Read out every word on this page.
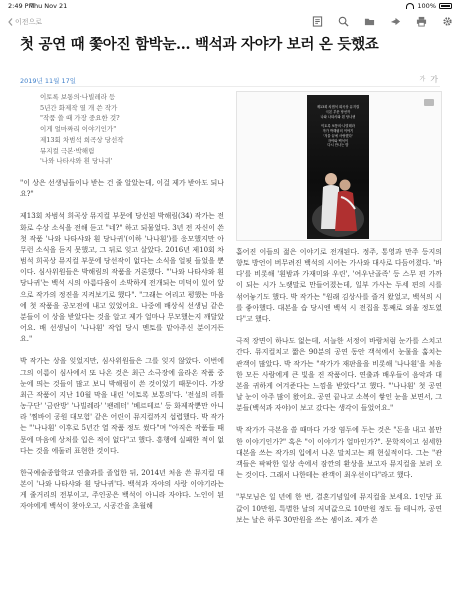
2:49 PM
Thu Nov 21	100%
이전으로
첫 공연 때 쫓아진 함박눈… 백석과 자야가 보러 온 듯했죠
2019년 11월 17일	가 가
이토록 보통의·나빌레라 등
5년간 화제작 열 개 쓴 작가
"작품 쓸 때 가장 중요한 것?
이게 얼마짜리 이야기인가"
제13회 차범석 희곡상 당선작
뮤지컬 극본·박해림
'나와 나타샤와 흰 당나귀'
제13회 차범석 희곡상 뮤지컬
극본 부문 당선작
나와 나타샤와 흰 당나귀

이토록 보통의·나빌레라
작가 박해림의 이야기
'겨울 끝에 사랑했다'
자야와 백석이
다시 만나는 밤

"이 상은 선생님들이나 받는 건 줄 알았는데, 이걸 제가 받아도 되나요?"

제13회 차범석 희곡상 뮤지컬 부문에 당선된 박해림(34) 작가는 전화로 수상 소식을 전해 듣고 "네?" 하고 되물었다. 3년 전 자신이 쓴 첫 작품 '나와 나타샤와 흰 당나귀'(이하 '나나흰')를 응모했지만 아무런 소식을 듣지 못했고, 그 뒤로 잊고 살았다. 2016년 제10회 차범석 희곡상 뮤지컬 부문에 당선작이 없다는 소식을 얼핏 들었을 뿐이다. 심사위원들은 박해림의 작품을 거론했다. "'나와 나타샤와 흰 당나귀'는 백석 시의 아름다움이 소박하게 전개되는 미덕이 있어 앞으로 작가의 정진을 지켜보기로 했다". "그래는 여리고 평했는 마음에 첫 작품을 공모전에 내고 있었어요. 나중에 배상식 선생님 같은 분들이 이 상을 받았다는 것을 알고 제가 얼마나 무모했는지 깨달았어요. 배 선생님이 '나나흰' 작업 당시 멘토를 맡아주신 분이거든요."

박 작가는 상을 잊었지만, 심사위원들은 그를 잊지 않았다. 이번에 그의 이름이 심사에서 또 나온 것은 최근 소극장에 올라온 작품 중 눈에 띄는 것들이 많고 보니 박해림이 쓴 것이었기 때문이다. 가장 최근 작품이 지난 10월 막을 내린 '이토록 보통의'다. '전설의 리틀 농구단' '금란방' '나빌레라' '팬레터' '베르테르' 등 화제작뿐만 아니라 '찜바이 공원 대모험' 같은 어린이 뮤지컬까지 섭렵했다. 박 작가는 "'나나흰' 이후로 5년간 열 작품 정도 썼다"며 "아직은 작품들 때문에 마음에 상처를 입은 적이 없다"고 했다. 흥행에 실패한 적이 없다는 것을 에둘러 표현한 것이다.

한국예술종합학교 연출과를 졸업한 뒤, 2014년 처음 쓴 뮤지컬 대본이 '나와 나타샤와 흰 당나귀'다. 백석과 자야의 사랑 이야기라는 게 줄거리의 전부이고, 주인공은 백석이 아니라 자야다. 노인이 된 자야에게 백석이 찾아오고, 시공간을 초월해

흩어진 이들의 젊은 이야기로 전개된다. 정주, 통영과 만주 등지의 향토 방언이 버무려진 백석의 시어는 가사와 대사로 다듬어졌다. '바다'를 비롯해 '흰밤과 가재미와 우린', '여우난골족' 등 스무 편 가까이 되는 시가 노랫말로 만들어졌는데, 일부 가사는 두세 편의 시를 섞어놓기도 했다. 박 작가는 "원래 김상사를 즐겨 왔었고, 백석의 시를 좋아했다. 대본을 습 당시엔 백석 시 전집을 통째로 외울 정도였다"고 했다.

극적 장면이 하나도 없는데, 서늘한 서정이 바람처럼 눈가를 스치고 간다. 뮤지컬치고 짧은 90분의 공연 동안 객석에서 눈물을 훔치는 관객이 많았다. 박 작가는 "작가가 재판을을 비롯해 '나나흰'을 처음한 모든 사람에게 큰 빛을 진 작품이다. 연출과 배우들이 음악과 대본을 귀하게 여겨준다는 느낌을 받았다"고 했다. "'나나흰' 첫 공연 날 눈이 아주 많이 왔어요. 공연 끝나고 소복이 쌓인 눈을 보면서, 그분들(백석과 자야)이 보고 갔다는 생각이 들었어요."

박 작가가 극본을 쓸 때마다 가장 염두에 두는 것은 "돈을 내고 볼만한 이야기인가?" 혹은 "이 이야기가 얼마인가?". 문학적이고 섬세한 대본을 쓰는 작가의 입에서 나온 말치고는 꽤 현실적이다. 그는 "관객들은 팍팍한 일상 속에서 잠깐의 환상을 보고자 뮤지컬을 보러 오는 것이다. 그래서 나한테는 관객이 최우선이다"라고 했다.

"부모님은 일 년에 한 번, 결혼기념일에 뮤지컬을 보세요. 1인당 표 값이 10만원, 특별한 날의 저녁값으로 10만원 정도 들 테니까, 공연 보는 날은 하루 30만원을 쓰는 셈이죠. 제가 쓴
